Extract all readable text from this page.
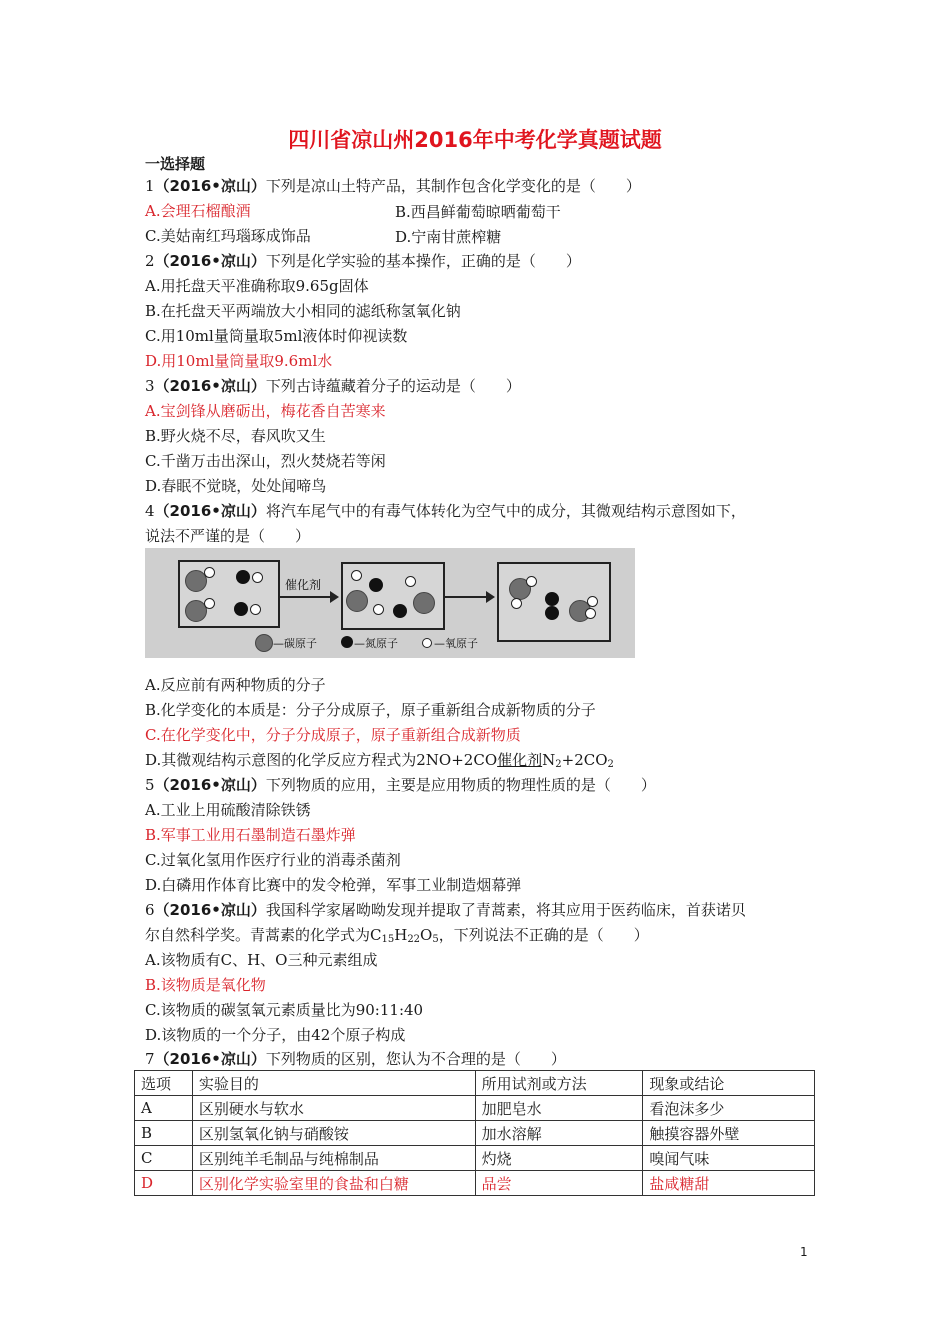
四川省凉山州2016年中考化学真题试题
一选择题
1（2016•凉山）下列是凉山土特产品，其制作包含化学变化的是（　　）
A.会理石榴酿酒	B.西昌鲜葡萄晾晒葡萄干
C.美姑南红玛瑙琢成饰品	D.宁南甘蔗榨糖
2（2016•凉山）下列是化学实验的基本操作，正确的是（　　）
A.用托盘天平准确称取9.65g固体
B.在托盘天平两端放大小相同的滤纸称氢氧化钠
C.用10ml量筒量取5ml液体时仰视读数
D.用10ml量筒量取9.6ml水
3（2016•凉山）下列古诗蕴藏着分子的运动是（　　）
A.宝剑锋从磨砺出，梅花香自苦寒来
B.野火烧不尽，春风吹又生
C.千凿万击出深山，烈火焚烧若等闲
D.春眠不觉晓，处处闻啼鸟
4（2016•凉山）将汽车尾气中的有毒气体转化为空气中的成分，其微观结构示意图如下，
说法不严谨的是（　　）
催化剂
—碳原子	—氮原子	—氧原子
A.反应前有两种物质的分子
B.化学变化的本质是：分子分成原子，原子重新组合成新物质的分子
C.在化学变化中，分子分成原子，原子重新组合成新物质
D.其微观结构示意图的化学反应方程式为2NO+2CO催化剂$N_2+2CO_2$
5（2016•凉山）下列物质的应用，主要是应用物质的物理性质的是（　　）
A.工业上用硫酸清除铁锈
B.军事工业用石墨制造石墨炸弹
C.过氧化氢用作医疗行业的消毒杀菌剂
D.白磷用作体育比赛中的发令枪弹，军事工业制造烟幕弹
6（2016•凉山）我国科学家屠呦呦发现并提取了青蒿素，将其应用于医药临床，首获诺贝
尔自然科学奖。青蒿素的化学式为$C_{15}H_{22}O_5$，下列说法不正确的是（　　）
A.该物质有C、H、O三种元素组成
B.该物质是氧化物
C.该物质的碳氢氧元素质量比为90:11:40
D.该物质的一个分子，由42个原子构成
7（2016•凉山）下列物质的区别，您认为不合理的是（　　）
选项	实验目的	所用试剂或方法	现象或结论
A	区别硬水与软水	加肥皂水	看泡沫多少
B	区别氢氧化钠与硝酸铵	加水溶解	触摸容器外壁
C	区别纯羊毛制品与纯棉制品	灼烧	嗅闻气味
D	区别化学实验室里的食盐和白糖	品尝	盐咸糖甜
1
